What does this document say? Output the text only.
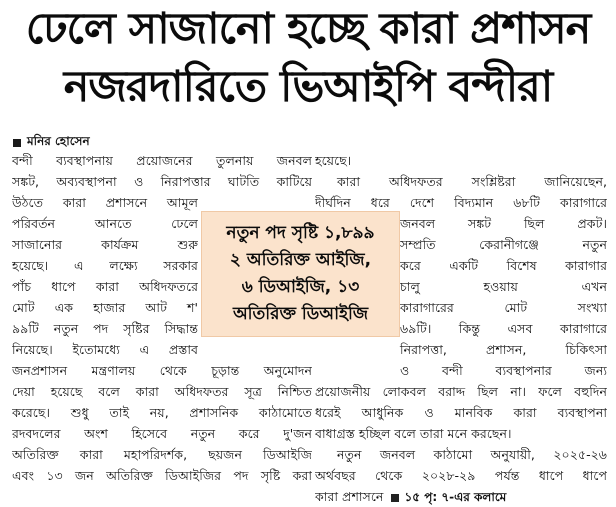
ঢেলে সাজানো হচ্ছে কারা প্রশাসন
নজরদারিতে ভিআইপি বন্দীরা
মনির হোসেন
বন্দী ব্যবস্থাপনায় প্রয়োজনের তুলনায় জনবল
সঙ্কট, অব্যবস্থাপনা ও নিরাপত্তার ঘাটতি কাটিয়ে
উঠতে কারা প্রশাসনে আমূল
পরিবর্তন আনতে ঢেলে
সাজানোর কার্যক্রম শুরু
হয়েছে। এ লক্ষ্যে সরকার
পাঁচ ধাপে কারা অধিদফতরে
মোট এক হাজার আট শ'
৯৯টি নতুন পদ সৃষ্টির সিদ্ধান্ত
নিয়েছে। ইতোমধ্যে এ প্রস্তাব
জনপ্রশাসন মন্ত্রণালয় থেকে চূড়ান্ত অনুমোদন
দেয়া হয়েছে বলে কারা অধিদফতর সূত্র নিশ্চিত
করেছে। শুধু তাই নয়, প্রশাসনিক কাঠামোতে
রদবদলের অংশ হিসেবে নতুন করে দু'জন
অতিরিক্ত কারা মহাপরিদর্শক, ছয়জন ডিআইজি
এবং ১৩ জন অতিরিক্ত ডিআইজির পদ সৃষ্টি করা
হয়েছে।
কারা অধিদফতর সংশ্লিষ্টরা জানিয়েছেন,
দীর্ঘদিন ধরে দেশে বিদ্যমান ৬৮টি কারাগারে
জনবল সঙ্কট ছিল প্রকট।
সম্প্রতি কেরানীগঞ্জে নতুন
করে একটি বিশেষ কারাগার
চালু হওয়ায় এখন
কারাগারের মোট সংখ্যা
৬৯টি। কিন্তু এসব কারাগারে
নিরাপত্তা, প্রশাসন, চিকিৎসা
ও বন্দী ব্যবস্থাপনার জন্য
প্রয়োজনীয় লোকবল বরাদ্দ ছিল না। ফলে বহুদিন
ধরেই আধুনিক ও মানবিক কারা ব্যবস্থাপনা
বাধাগ্রস্ত হচ্ছিল বলে তারা মনে করছেন।
নতুন জনবল কাঠামো অনুযায়ী, ২০২৫-২৬
অর্থবছর থেকে ২০২৮-২৯ পর্যন্ত ধাপে ধাপে
কারা প্রশাসনে ১৫ পৃ: ৭-এর কলামে
নতুন পদ সৃষ্টি ১,৮৯৯
২ অতিরিক্ত আইজি,
৬ ডিআইজি, ১৩
অতিরিক্ত ডিআইজি
